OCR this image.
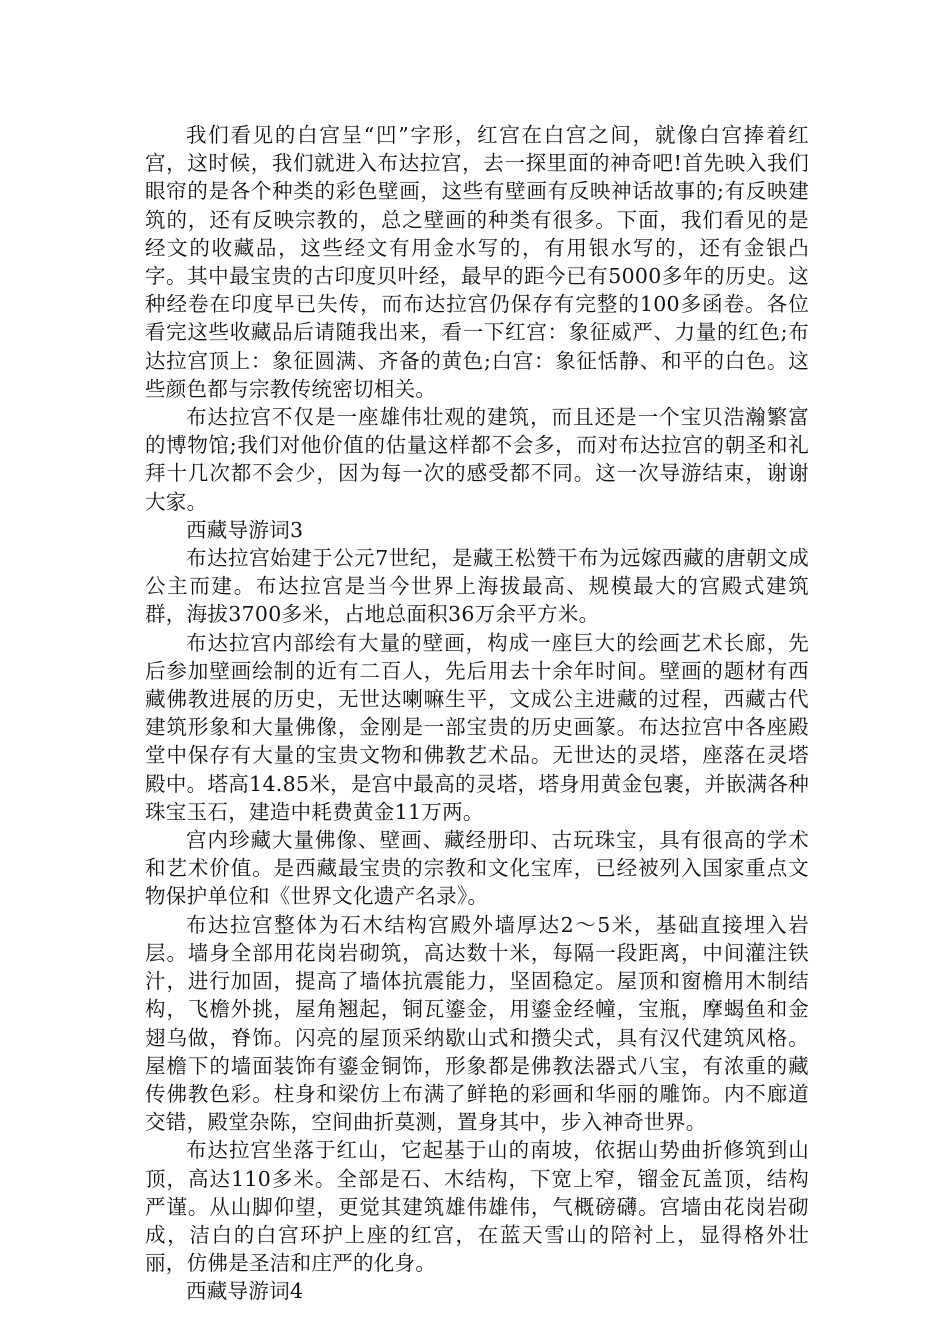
我们看见的白宫呈“凹”字形，红宫在白宫之间，就像白宫捧着红宫，这时候，我们就进入布达拉宫，去一探里面的神奇吧!首先映入我们眼帘的是各个种类的彩色壁画，这些有壁画有反映神话故事的;有反映建筑的，还有反映宗教的，总之壁画的种类有很多。下面，我们看见的是经文的收藏品，这些经文有用金水写的，有用银水写的，还有金银凸字。其中最宝贵的古印度贝叶经，最早的距今已有5000多年的历史。这种经卷在印度早已失传，而布达拉宫仍保存有完整的100多函卷。各位看完这些收藏品后请随我出来，看一下红宫：象征威严、力量的红色;布达拉宫顶上：象征圆满、齐备的黄色;白宫：象征恬静、和平的白色。这些颜色都与宗教传统密切相关。

布达拉宫不仅是一座雄伟壮观的建筑，而且还是一个宝贝浩瀚繁富的博物馆;我们对他价值的估量这样都不会多，而对布达拉宫的朝圣和礼拜十几次都不会少，因为每一次的感受都不同。这一次导游结束，谢谢大家。

西藏导游词3

布达拉宫始建于公元7世纪，是藏王松赞干布为远嫁西藏的唐朝文成公主而建。布达拉宫是当今世界上海拔最高、规模最大的宫殿式建筑群，海拔3700多米，占地总面积36万余平方米。

布达拉宫内部绘有大量的壁画，构成一座巨大的绘画艺术长廊，先后参加壁画绘制的近有二百人，先后用去十余年时间。壁画的题材有西藏佛教进展的历史，无世达喇嘛生平，文成公主进藏的过程，西藏古代建筑形象和大量佛像，金刚是一部宝贵的历史画篆。布达拉宫中各座殿堂中保存有大量的宝贵文物和佛教艺术品。无世达的灵塔，座落在灵塔殿中。塔高14.85米，是宫中最高的灵塔，塔身用黄金包裹，并嵌满各种珠宝玉石，建造中耗费黄金11万两。

宫内珍藏大量佛像、壁画、藏经册印、古玩珠宝，具有很高的学术和艺术价值。是西藏最宝贵的宗教和文化宝库，已经被列入国家重点文物保护单位和《世界文化遗产名录》。

布达拉宫整体为石木结构宫殿外墙厚达2～5米，基础直接埋入岩层。墙身全部用花岗岩砌筑，高达数十米，每隔一段距离，中间灌注铁汁，进行加固，提高了墙体抗震能力，坚固稳定。屋顶和窗檐用木制结构，飞檐外挑，屋角翘起，铜瓦鎏金，用鎏金经幢，宝瓶，摩蝎鱼和金翅乌做，脊饰。闪亮的屋顶采纳歇山式和攒尖式，具有汉代建筑风格。屋檐下的墙面装饰有鎏金铜饰，形象都是佛教法器式八宝，有浓重的藏传佛教色彩。柱身和梁仿上布满了鲜艳的彩画和华丽的雕饰。内不廊道交错，殿堂杂陈，空间曲折莫测，置身其中，步入神奇世界。

布达拉宫坐落于红山，它起基于山的南坡，依据山势曲折修筑到山顶，高达110多米。全部是石、木结构，下宽上窄，镏金瓦盖顶，结构严谨。从山脚仰望，更觉其建筑雄伟雄伟，气概磅礴。宫墙由花岗岩砌成，洁白的白宫环护上座的红宫，在蓝天雪山的陪衬上，显得格外壮丽，仿佛是圣洁和庄严的化身。

西藏导游词4
